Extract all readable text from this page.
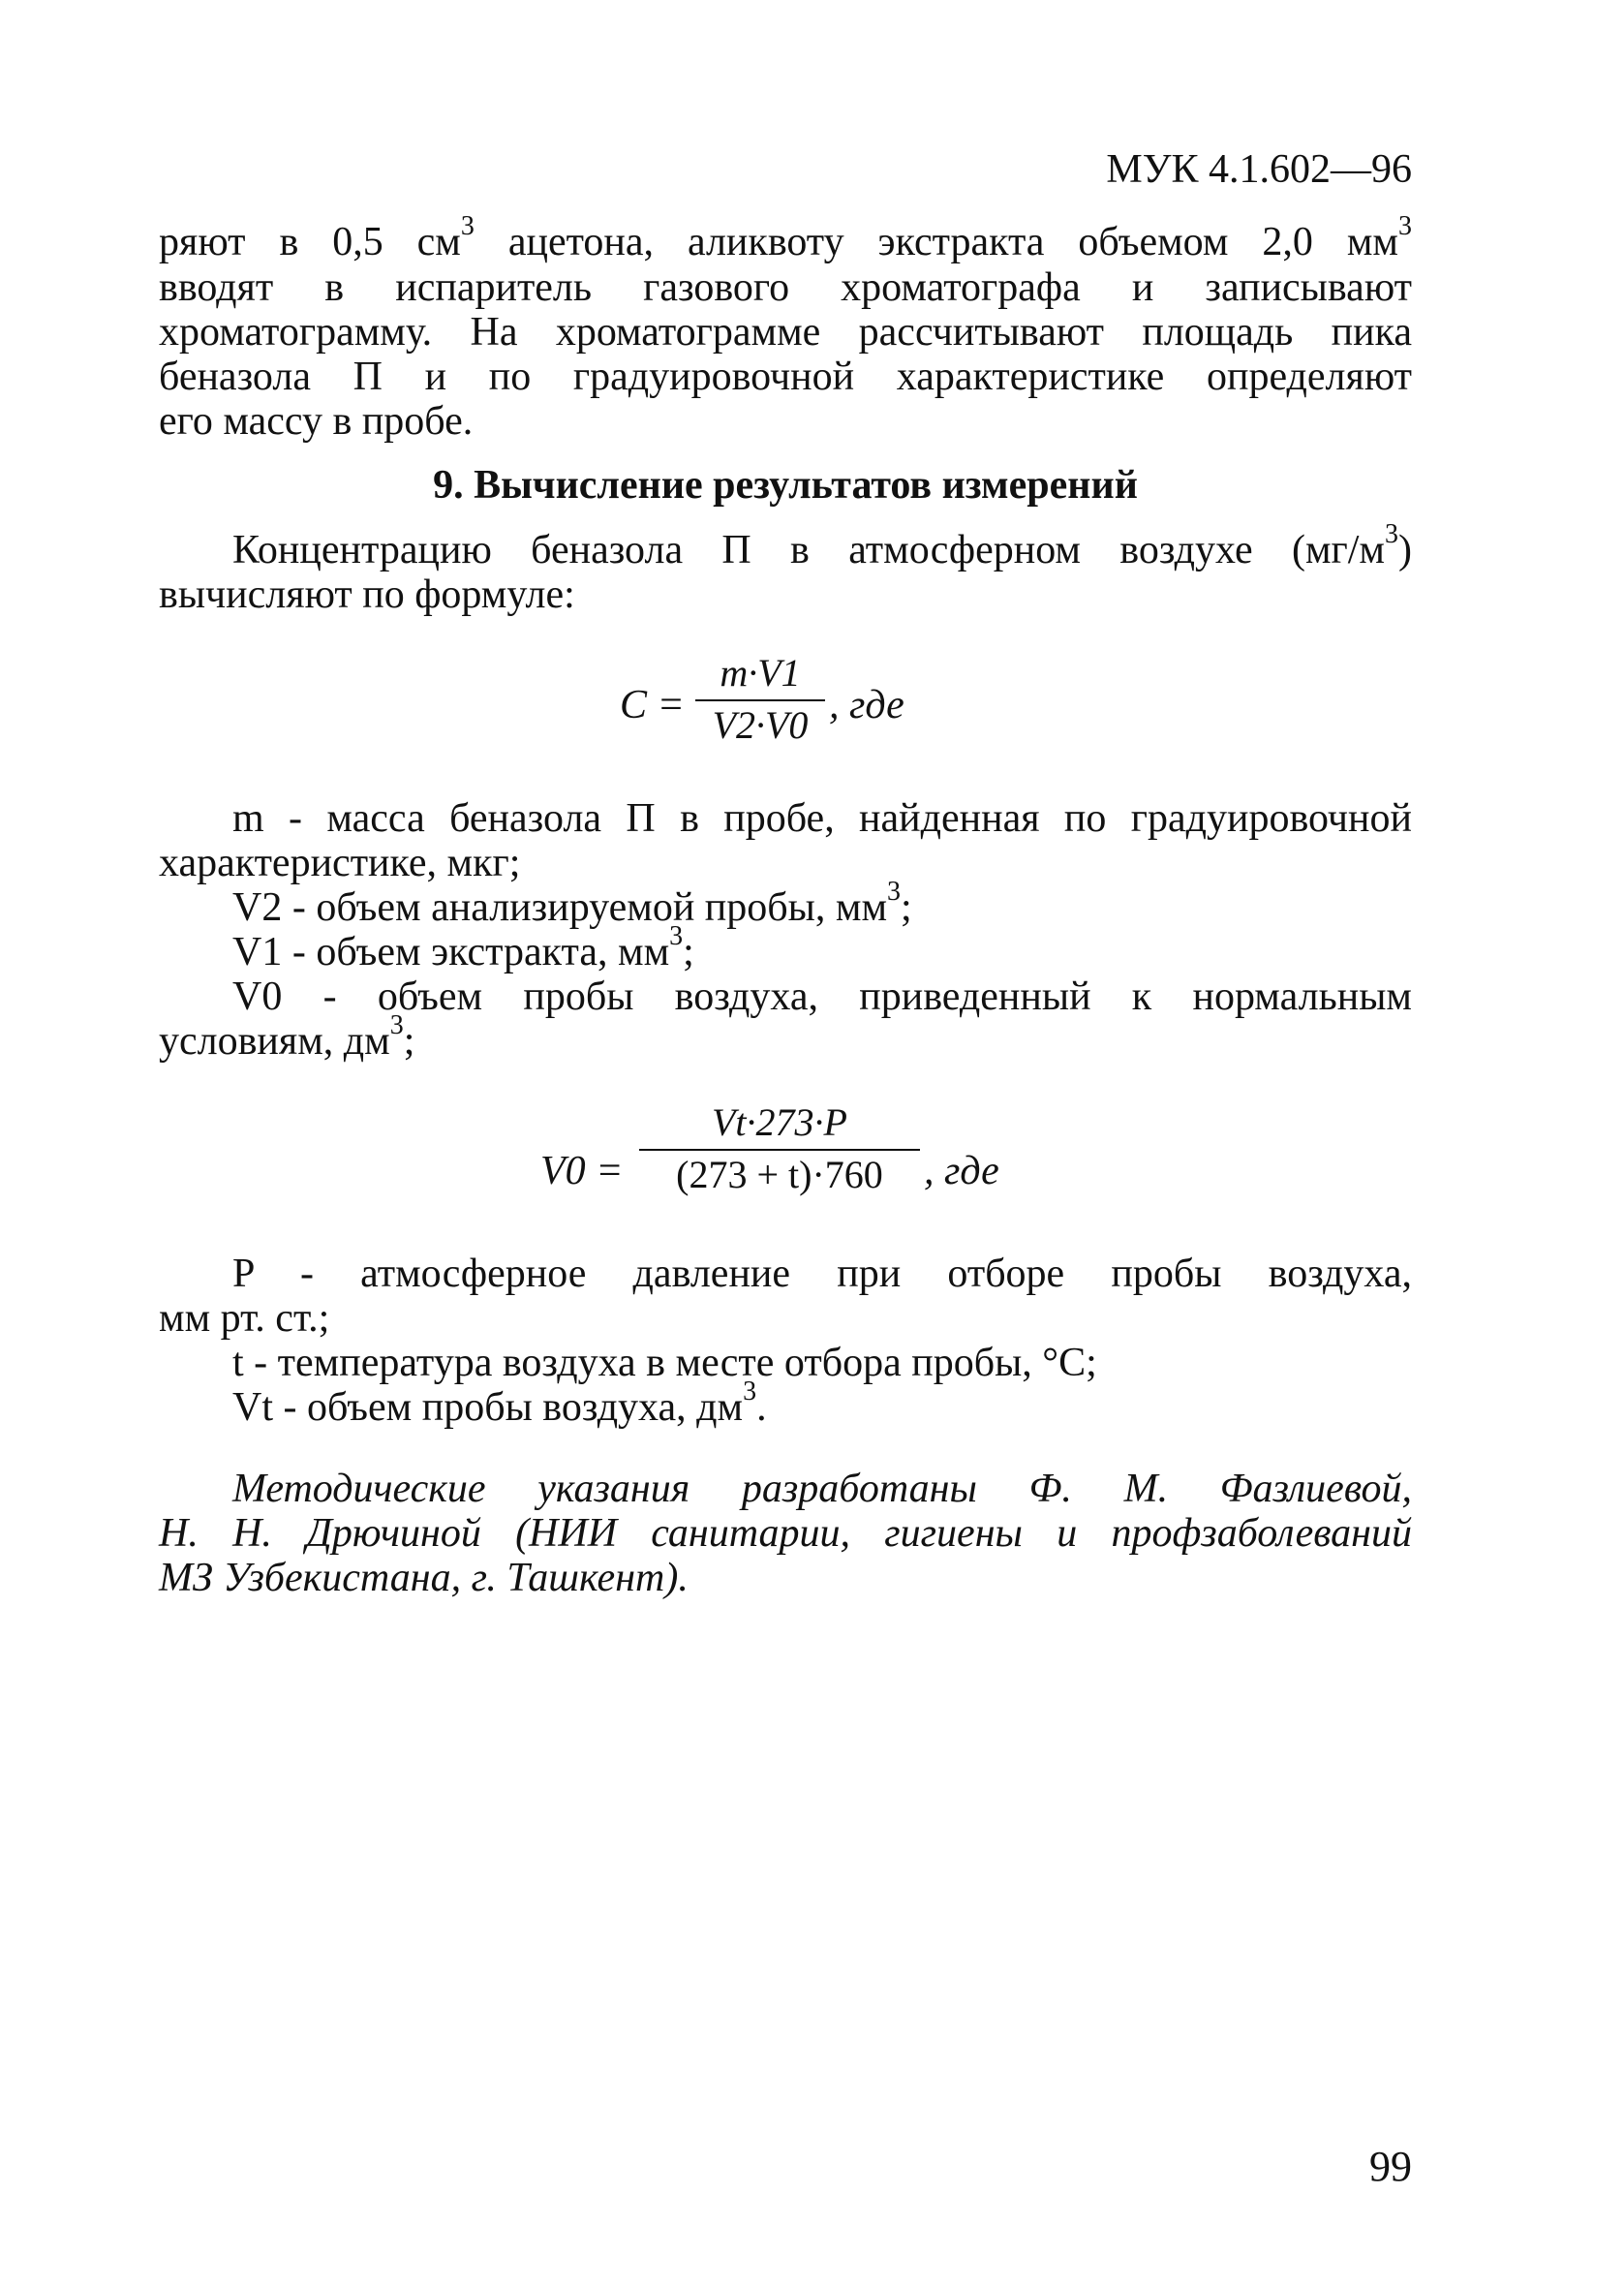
МУК 4.1.602—96
ряют в 0,5 $см^3$ ацетона, аликвоту экстракта объемом 2,0 $мм^3$
вводят в испаритель газового хроматографа и записывают
хроматограмму. На хроматограмме рассчитывают площадь пика
беназола П и по градуировочной характеристике определяют
его массу в пробе.
9. Вычисление результатов измерений
Концентрацию беназола П в атмосферном воздухе $(мг/м^3)$
вычисляют по формуле:
C =
m·V1
V2·V0 , где
m - масса беназола П в пробе, найденная по градуировочной
характеристике, мкг;
V2 - объем анализируемой пробы, $мм^3$;
V1 - объем экстракта, $мм^3$;
V0 - объем пробы воздуха, приведенный к нормальным
условиям, $дм^3$;
V0 =
Vt·273·P
(273 + t)·760	, где
P - атмосферное давление при отборе пробы воздуха,
мм рт. ст.;
t - температура воздуха в месте отбора пробы, °C;
Vt - объем пробы воздуха, $дм^3$.
Методические указания разработаны Ф. М. Фазлиевой,
Н. Н. Дрючиной (НИИ санитарии, гигиены и профзаболеваний
МЗ Узбекистана, г. Ташкент).
99
